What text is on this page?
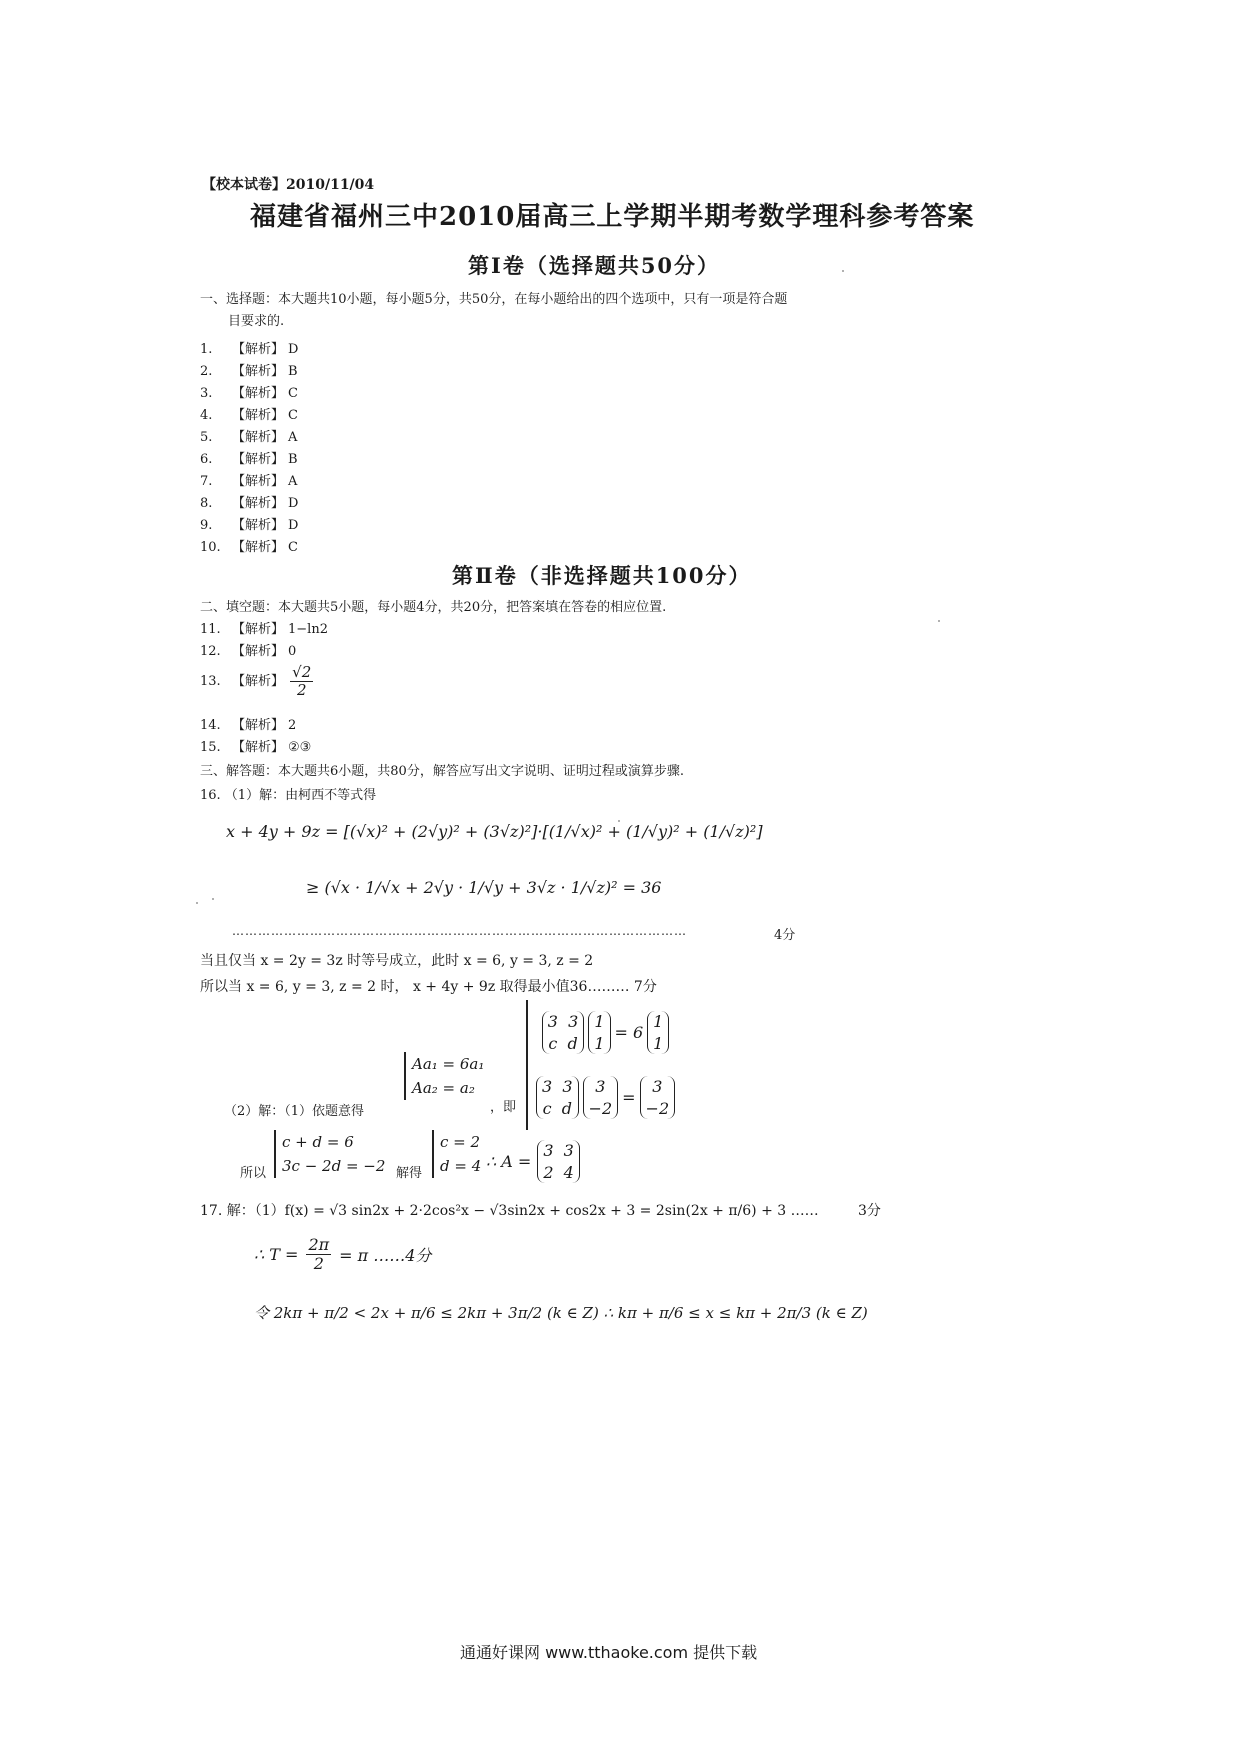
【校本试卷】2010/11/04
福建省福州三中2010届高三上学期半期考数学理科参考答案
第Ⅰ卷（选择题共50分）
一、选择题：本大题共10小题，每小题5分，共50分，在每小题给出的四个选项中，只有一项是符合题
目要求的.
1. 【解析】 D
2. 【解析】 B
3. 【解析】 C
4. 【解析】 C
5. 【解析】 A
6. 【解析】 B
7. 【解析】 A
8. 【解析】 D
9. 【解析】 D
10. 【解析】 C
第Ⅱ卷（非选择题共100分）
二、填空题：本大题共5小题，每小题4分，共20分，把答案填在答卷的相应位置.
11. 【解析】 1−ln2
12. 【解析】 0
13. 【解析】 $\frac{√2}{2}$
14. 【解析】 2
15. 【解析】 ②③
三、解答题：本大题共6小题，共80分，解答应写出文字说明、证明过程或演算步骤.
16. （1）解：由柯西不等式得
x + 4y + 9z = [(√x)² + (2√y)² + (3√z)²]·[(1/√x)² + (1/√y)² + (1/√z)²]
≥ (√x · 1/√x + 2√y · 1/√y + 3√z · 1/√z)² = 36
……………………………………………………………………………………………	4分
当且仅当 x = 2y = 3z 时等号成立，此时 x = 6, y = 3, z = 2
所以当 x = 6, y = 3, z = 2 时， x + 4y + 9z 取得最小值36……… 7分
3 3
c d
1
1
= 6
1
1
3 3
c d
3
−2
=
3
−2
Aa₁ = 6a₁
Aa₂ = a₂
，即
（2）解：（1）依题意得
c + d = 6
3c − 2d = −2
所以	解得
c = 2
d = 4 ∴ A =
3 3
2 4
17. 解：（1）f(x) = √3 sin2x + 2·2cos²x − √3sin2x + cos2x + 3 = 2sin(2x + π/6) + 3 ……	3分
∴ $T = \frac{2\pi}{2} = \pi$ ……4分
令 2kπ + π/2 < 2x + π/6 ≤ 2kπ + 3π/2 (k ∈ Z) ∴ kπ + π/6 ≤ x ≤ kπ + 2π/3 (k ∈ Z)
通通好课网 www.tthaoke.com 提供下载
